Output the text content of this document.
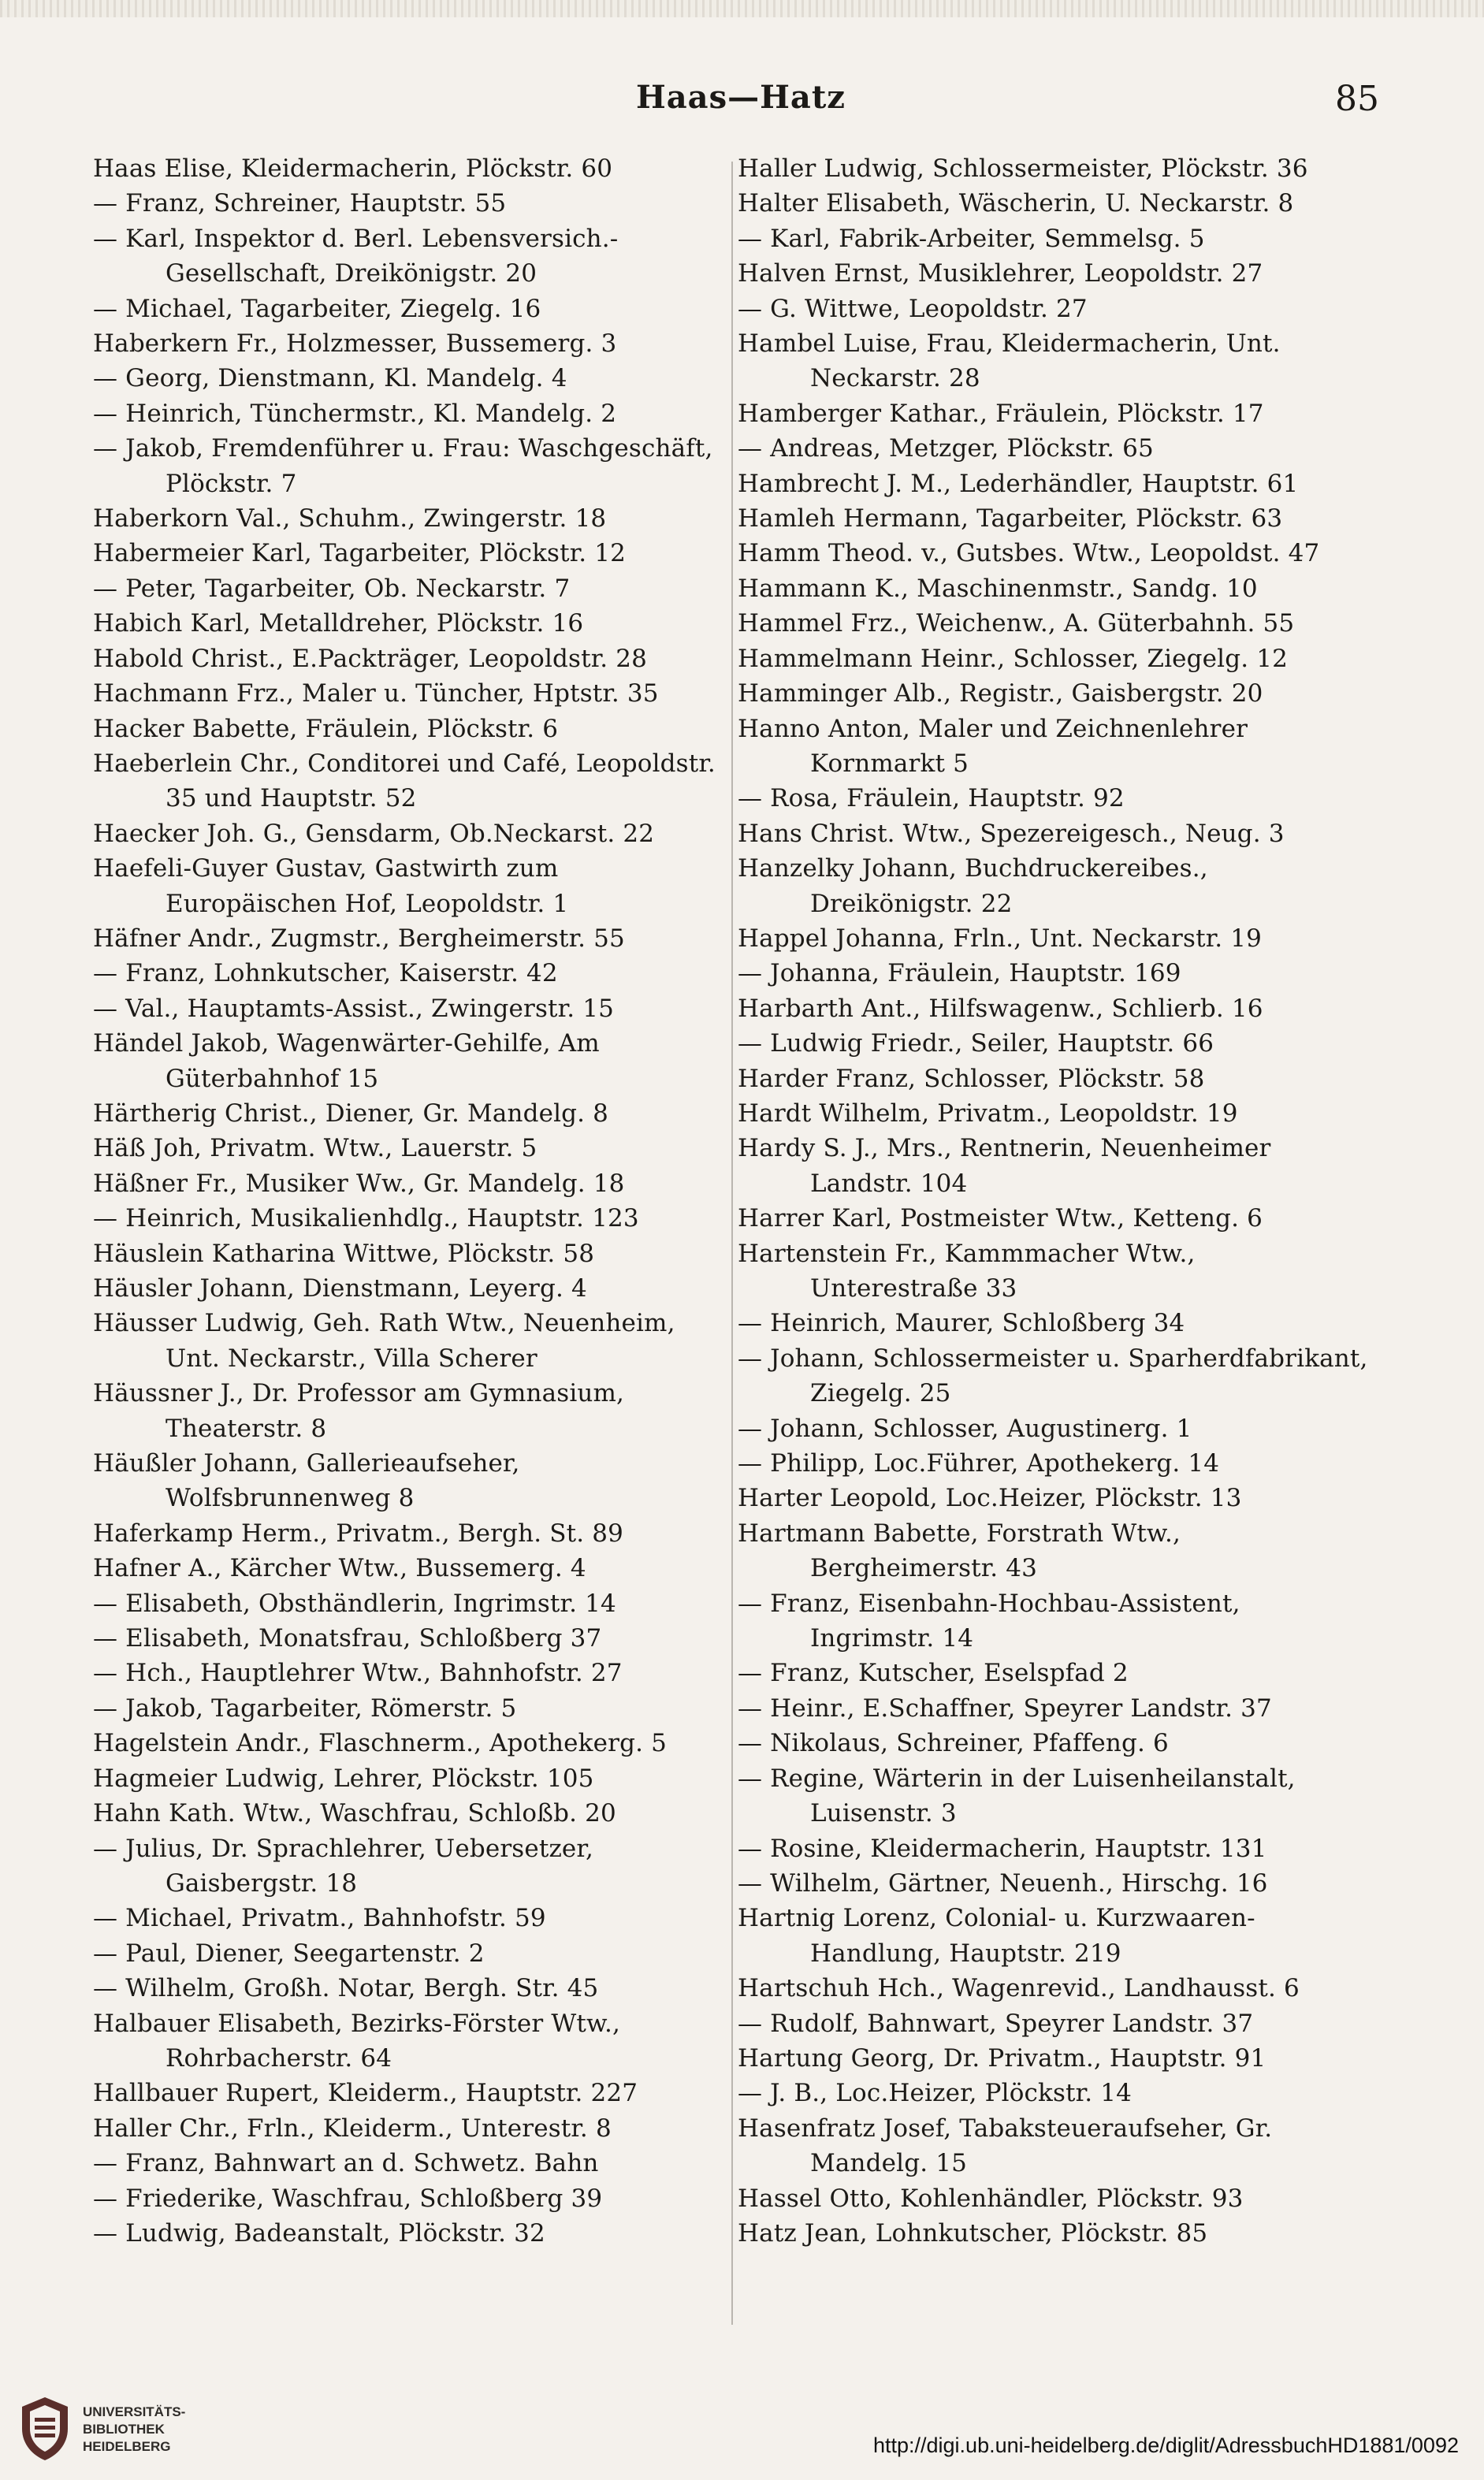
Haas—Hatz	85
Haas Elise, Kleidermacherin, Plöckstr. 60
— Franz, Schreiner, Hauptstr. 55
— Karl, Inspektor d. Berl. Lebensversich.-Gesellschaft, Dreikönigstr. 20
— Michael, Tagarbeiter, Ziegelg. 16
Haberkern Fr., Holzmesser, Bussemerg. 3
— Georg, Dienstmann, Kl. Mandelg. 4
— Heinrich, Tünchermstr., Kl. Mandelg. 2
— Jakob, Fremdenführer u. Frau: Waschgeschäft, Plöckstr. 7
Haberkorn Val., Schuhm., Zwingerstr. 18
Habermeier Karl, Tagarbeiter, Plöckstr. 12
— Peter, Tagarbeiter, Ob. Neckarstr. 7
Habich Karl, Metalldreher, Plöckstr. 16
Habold Christ., E.Packträger, Leopoldstr. 28
Hachmann Frz., Maler u. Tüncher, Hptstr. 35
Hacker Babette, Fräulein, Plöckstr. 6
Haeberlein Chr., Conditorei und Café, Leopoldstr. 35 und Hauptstr. 52
Haecker Joh. G., Gensdarm, Ob.Neckarst. 22
Haefeli-Guyer Gustav, Gastwirth zum Europäischen Hof, Leopoldstr. 1
Häfner Andr., Zugmstr., Bergheimerstr. 55
— Franz, Lohnkutscher, Kaiserstr. 42
— Val., Hauptamts-Assist., Zwingerstr. 15
Händel Jakob, Wagenwärter-Gehilfe, Am Güterbahnhof 15
Härtherig Christ., Diener, Gr. Mandelg. 8
Häß Joh, Privatm. Wtw., Lauerstr. 5
Häßner Fr., Musiker Ww., Gr. Mandelg. 18
— Heinrich, Musikalienhdlg., Hauptstr. 123
Häuslein Katharina Wittwe, Plöckstr. 58
Häusler Johann, Dienstmann, Leyerg. 4
Häusser Ludwig, Geh. Rath Wtw., Neuenheim, Unt. Neckarstr., Villa Scherer
Häussner J., Dr. Professor am Gymnasium, Theaterstr. 8
Häußler Johann, Gallerieaufseher, Wolfsbrunnenweg 8
Haferkamp Herm., Privatm., Bergh. St. 89
Hafner A., Kärcher Wtw., Bussemerg. 4
— Elisabeth, Obsthändlerin, Ingrimstr. 14
— Elisabeth, Monatsfrau, Schloßberg 37
— Hch., Hauptlehrer Wtw., Bahnhofstr. 27
— Jakob, Tagarbeiter, Römerstr. 5
Hagelstein Andr., Flaschnerm., Apothekerg. 5
Hagmeier Ludwig, Lehrer, Plöckstr. 105
Hahn Kath. Wtw., Waschfrau, Schloßb. 20
— Julius, Dr. Sprachlehrer, Uebersetzer, Gaisbergstr. 18
— Michael, Privatm., Bahnhofstr. 59
— Paul, Diener, Seegartenstr. 2
— Wilhelm, Großh. Notar, Bergh. Str. 45
Halbauer Elisabeth, Bezirks-Förster Wtw., Rohrbacherstr. 64
Hallbauer Rupert, Kleiderm., Hauptstr. 227
Haller Chr., Frln., Kleiderm., Unterestr. 8
— Franz, Bahnwart an d. Schwetz. Bahn
— Friederike, Waschfrau, Schloßberg 39
— Ludwig, Badeanstalt, Plöckstr. 32
Haller Ludwig, Schlossermeister, Plöckstr. 36
Halter Elisabeth, Wäscherin, U. Neckarstr. 8
— Karl, Fabrik-Arbeiter, Semmelsg. 5
Halven Ernst, Musiklehrer, Leopoldstr. 27
— G. Wittwe, Leopoldstr. 27
Hambel Luise, Frau, Kleidermacherin, Unt. Neckarstr. 28
Hamberger Kathar., Fräulein, Plöckstr. 17
— Andreas, Metzger, Plöckstr. 65
Hambrecht J. M., Lederhändler, Hauptstr. 61
Hamleh Hermann, Tagarbeiter, Plöckstr. 63
Hamm Theod. v., Gutsbes. Wtw., Leopoldst. 47
Hammann K., Maschinenmstr., Sandg. 10
Hammel Frz., Weichenw., A. Güterbahnh. 55
Hammelmann Heinr., Schlosser, Ziegelg. 12
Hamminger Alb., Registr., Gaisbergstr. 20
Hanno Anton, Maler und Zeichnenlehrer Kornmarkt 5
— Rosa, Fräulein, Hauptstr. 92
Hans Christ. Wtw., Spezereigesch., Neug. 3
Hanzelky Johann, Buchdruckereibes., Dreikönigstr. 22
Happel Johanna, Frln., Unt. Neckarstr. 19
— Johanna, Fräulein, Hauptstr. 169
Harbarth Ant., Hilfswagenw., Schlierb. 16
— Ludwig Friedr., Seiler, Hauptstr. 66
Harder Franz, Schlosser, Plöckstr. 58
Hardt Wilhelm, Privatm., Leopoldstr. 19
Hardy S. J., Mrs., Rentnerin, Neuenheimer Landstr. 104
Harrer Karl, Postmeister Wtw., Ketteng. 6
Hartenstein Fr., Kammmacher Wtw., Unterestraße 33
— Heinrich, Maurer, Schloßberg 34
— Johann, Schlossermeister u. Sparherdfabrikant, Ziegelg. 25
— Johann, Schlosser, Augustinerg. 1
— Philipp, Loc.Führer, Apothekerg. 14
Harter Leopold, Loc.Heizer, Plöckstr. 13
Hartmann Babette, Forstrath Wtw., Bergheimerstr. 43
— Franz, Eisenbahn-Hochbau-Assistent, Ingrimstr. 14
— Franz, Kutscher, Eselspfad 2
— Heinr., E.Schaffner, Speyrer Landstr. 37
— Nikolaus, Schreiner, Pfaffeng. 6
— Regine, Wärterin in der Luisenheilanstalt, Luisenstr. 3
— Rosine, Kleidermacherin, Hauptstr. 131
— Wilhelm, Gärtner, Neuenh., Hirschg. 16
Hartnig Lorenz, Colonial- u. Kurzwaaren-Handlung, Hauptstr. 219
Hartschuh Hch., Wagenrevid., Landhausst. 6
— Rudolf, Bahnwart, Speyrer Landstr. 37
Hartung Georg, Dr. Privatm., Hauptstr. 91
— J. B., Loc.Heizer, Plöckstr. 14
Hasenfratz Josef, Tabaksteueraufseher, Gr. Mandelg. 15
Hassel Otto, Kohlenhändler, Plöckstr. 93
Hatz Jean, Lohnkutscher, Plöckstr. 85
UNIVERSITÄTS-
BIBLIOTHEK
HEIDELBERG	http://digi.ub.uni-heidelberg.de/diglit/AdressbuchHD1881/0092
